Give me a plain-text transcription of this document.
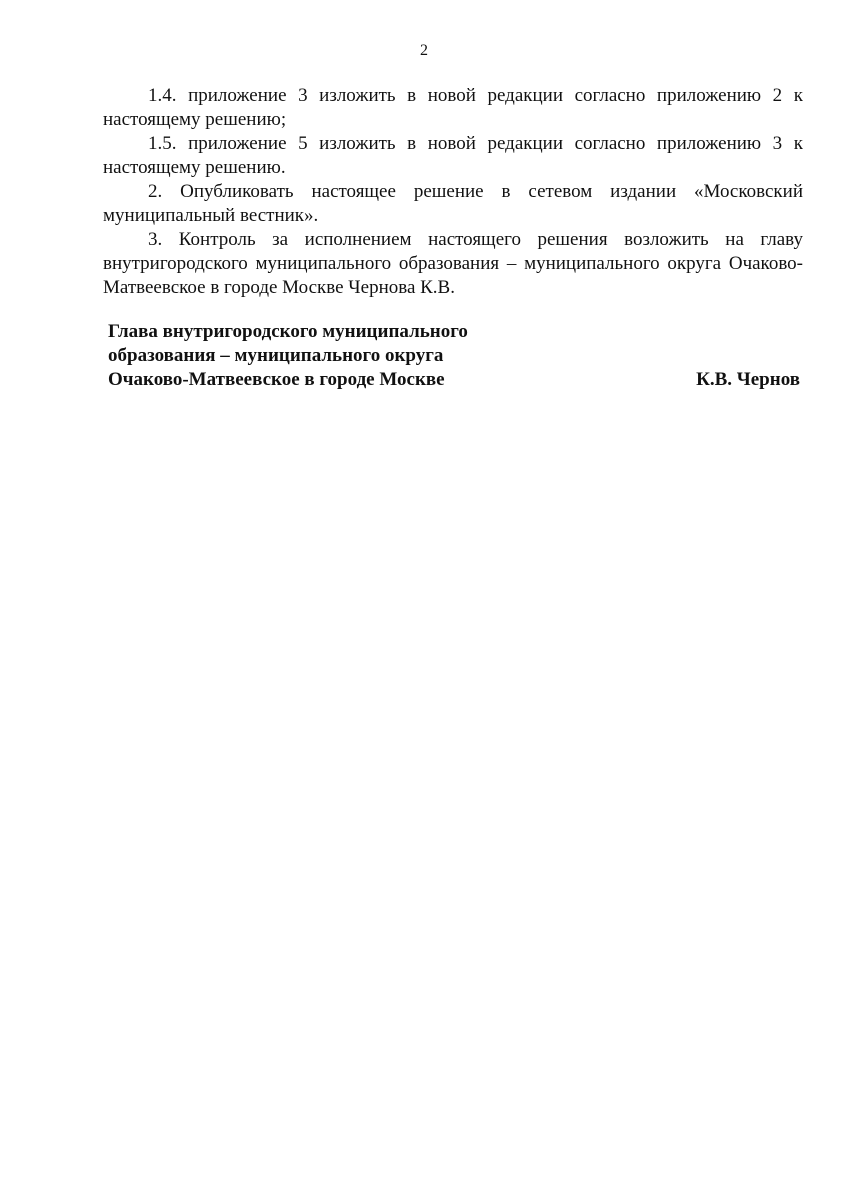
2

1.4. приложение 3 изложить в новой редакции согласно приложению 2 к настоящему решению;

1.5. приложение 5 изложить в новой редакции согласно приложению 3 к настоящему решению.

2. Опубликовать настоящее решение в сетевом издании «Московский муниципальный вестник».

3. Контроль за исполнением настоящего решения возложить на главу внутригородского муниципального образования – муниципального округа Очаково-Матвеевское в городе Москве Чернова К.В.

Глава внутригородского муниципального
образования – муниципального округа
Очаково-Матвеевское в городе Москве	К.В. Чернов
